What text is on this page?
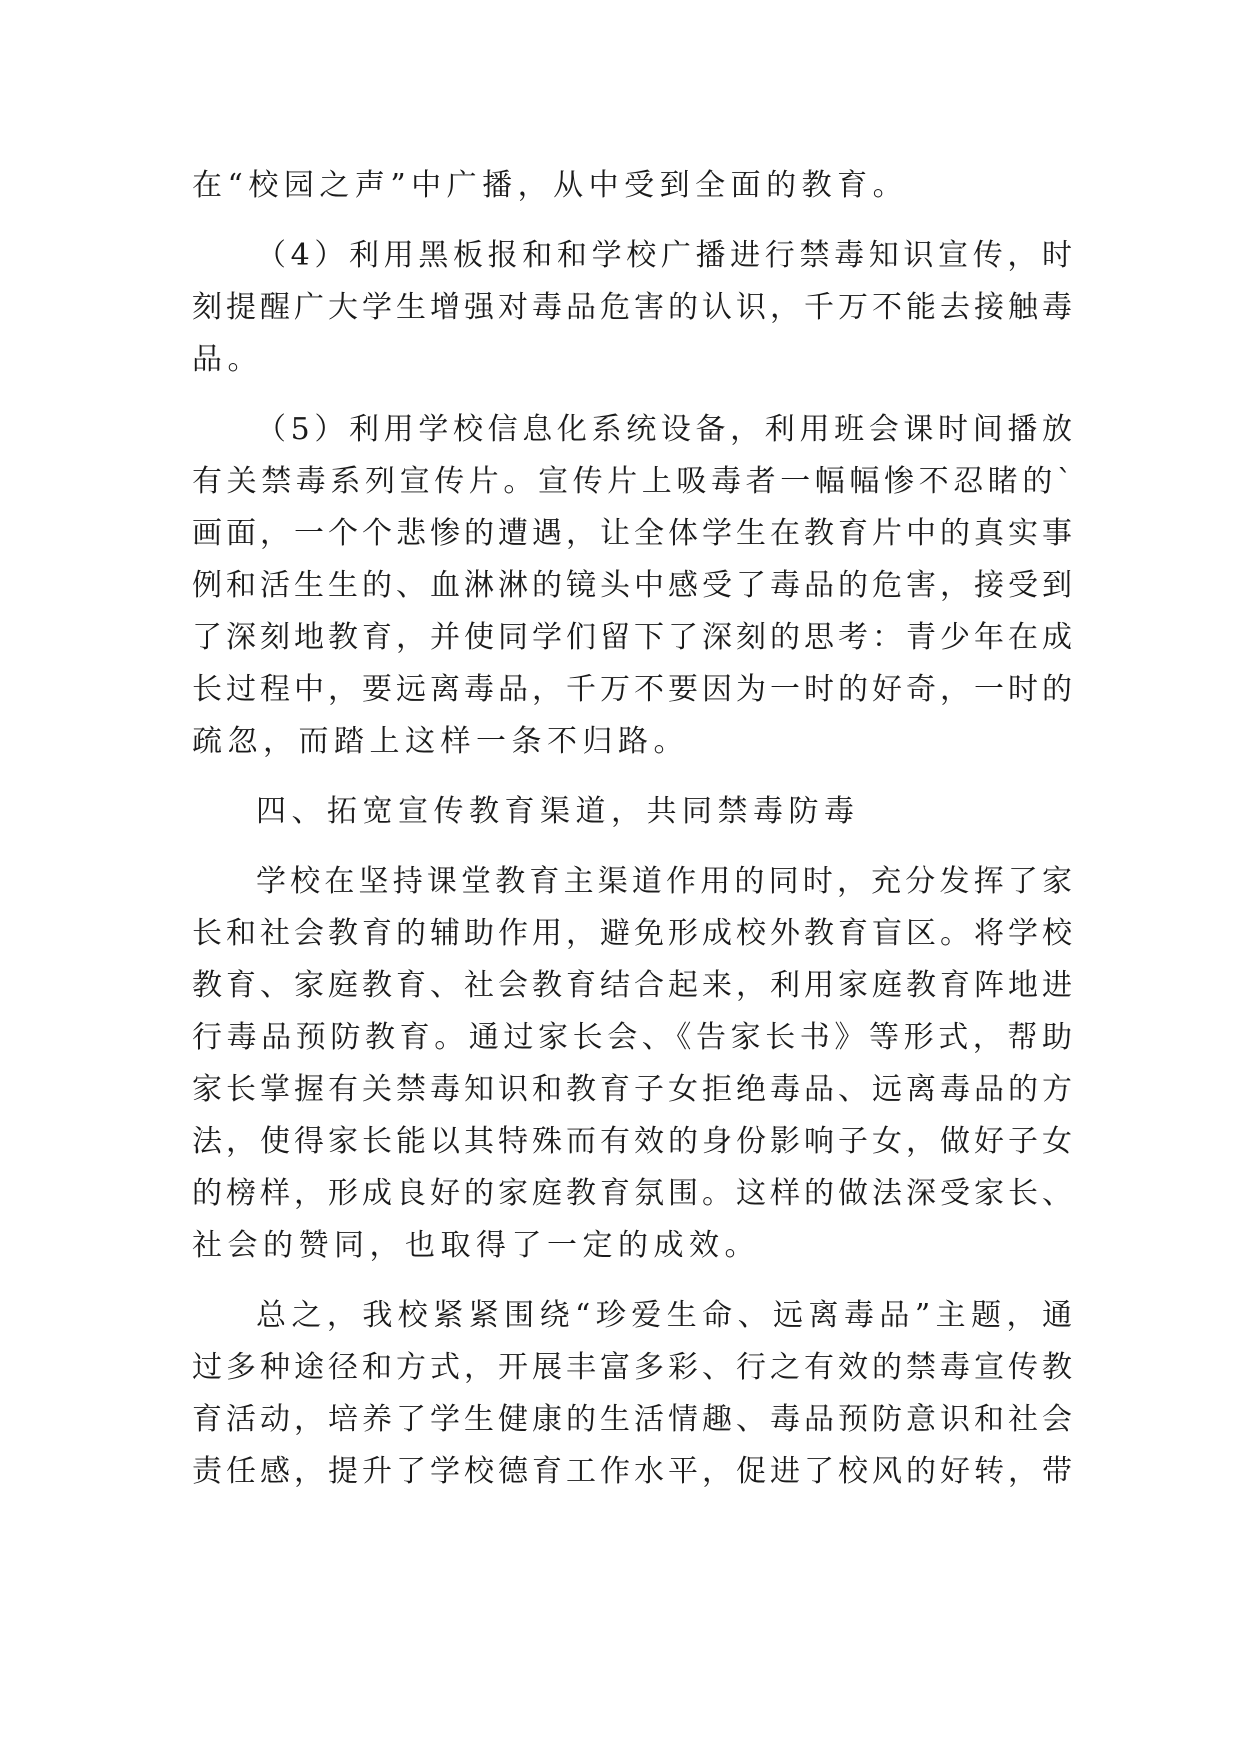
在“校园之声”中广播，从中受到全面的教育。
（4）利用黑板报和和学校广播进行禁毒知识宣传，时
刻提醒广大学生增强对毒品危害的认识，千万不能去接触毒
品。
（5）利用学校信息化系统设备，利用班会课时间播放
有关禁毒系列宣传片。宣传片上吸毒者一幅幅惨不忍睹的`
画面，一个个悲惨的遭遇，让全体学生在教育片中的真实事
例和活生生的、血淋淋的镜头中感受了毒品的危害，接受到
了深刻地教育，并使同学们留下了深刻的思考：青少年在成
长过程中，要远离毒品，千万不要因为一时的好奇，一时的
疏忽，而踏上这样一条不归路。
四、拓宽宣传教育渠道，共同禁毒防毒
学校在坚持课堂教育主渠道作用的同时，充分发挥了家
长和社会教育的辅助作用，避免形成校外教育盲区。将学校
教育、家庭教育、社会教育结合起来，利用家庭教育阵地进
行毒品预防教育。通过家长会、《告家长书》等形式，帮助
家长掌握有关禁毒知识和教育子女拒绝毒品、远离毒品的方
法，使得家长能以其特殊而有效的身份影响子女，做好子女
的榜样，形成良好的家庭教育氛围。这样的做法深受家长、
社会的赞同，也取得了一定的成效。
总之，我校紧紧围绕“珍爱生命、远离毒品”主题，通
过多种途径和方式，开展丰富多彩、行之有效的禁毒宣传教
育活动，培养了学生健康的生活情趣、毒品预防意识和社会
责任感，提升了学校德育工作水平，促进了校风的好转，带
